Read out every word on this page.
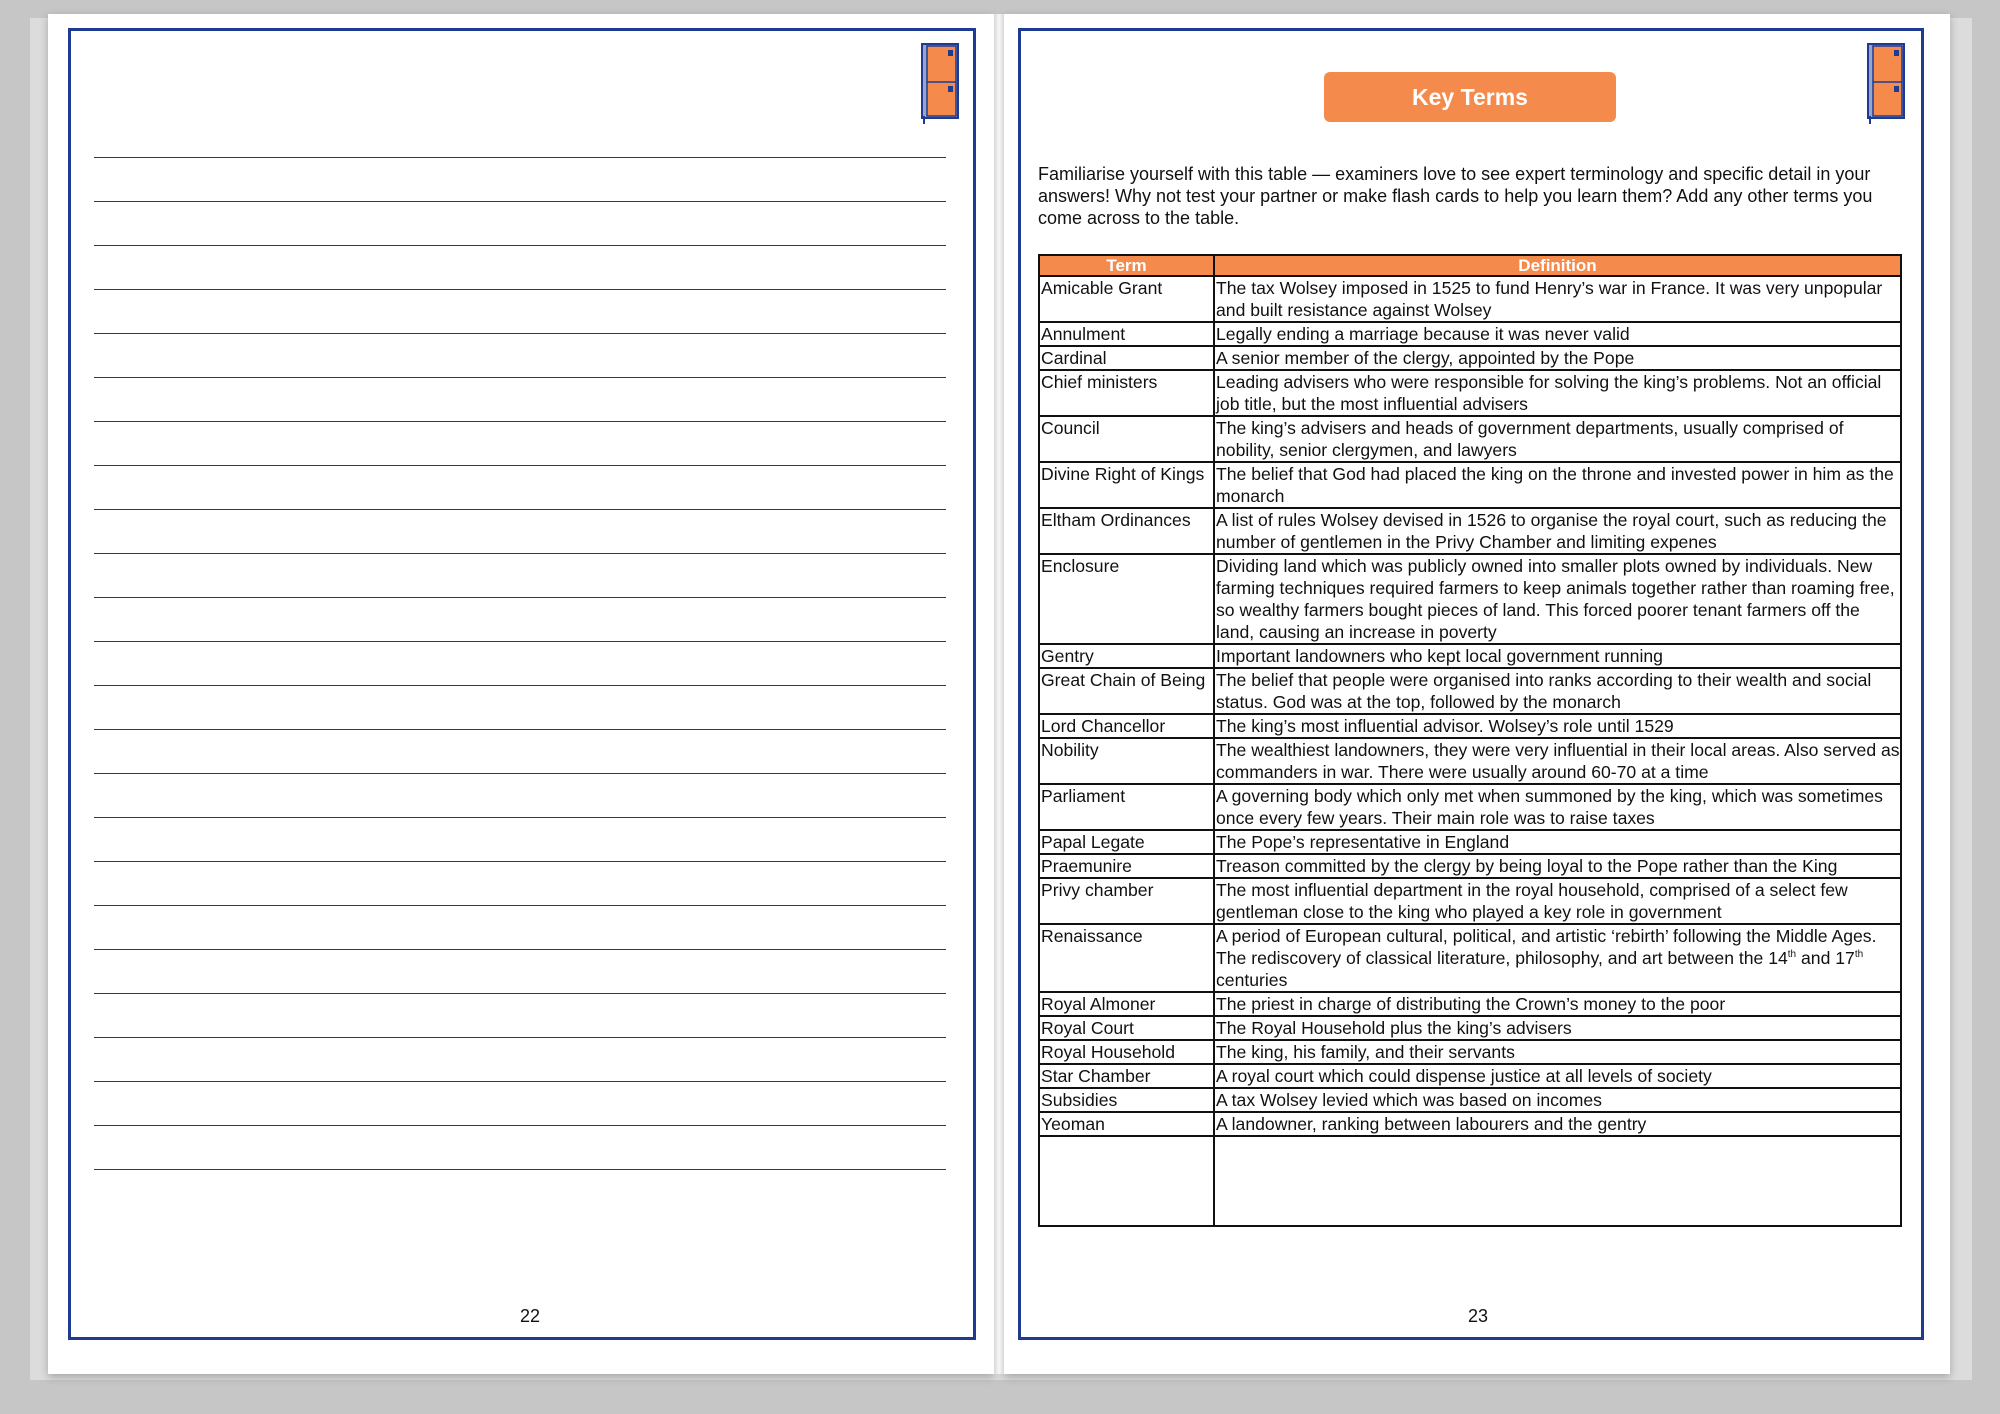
22	23
Key Terms
Familiarise yourself with this table — examiners love to see expert terminology and specific detail in your answers! Why not test your partner or make flash cards to help you learn them? Add any other terms you come across to the table.
Term	Definition
Amicable Grant	The tax Wolsey imposed in 1525 to fund Henry’s war in France. It was very unpopular and built resistance against Wolsey
Annulment	Legally ending a marriage because it was never valid
Cardinal	A senior member of the clergy, appointed by the Pope
Chief ministers	Leading advisers who were responsible for solving the king’s problems. Not an official job title, but the most influential advisers
Council	The king’s advisers and heads of government departments, usually comprised of nobility, senior clergymen, and lawyers
Divine Right of Kings	The belief that God had placed the king on the throne and invested power in him as the monarch
Eltham Ordinances	A list of rules Wolsey devised in 1526 to organise the royal court, such as reducing the number of gentlemen in the Privy Chamber and limiting expenes
Enclosure	Dividing land which was publicly owned into smaller plots owned by individuals. New farming techniques required farmers to keep animals together rather than roaming free, so wealthy farmers bought pieces of land. This forced poorer tenant farmers off the land, causing an increase in poverty
Gentry	Important landowners who kept local government running
Great Chain of Being	The belief that people were organised into ranks according to their wealth and social status. God was at the top, followed by the monarch
Lord Chancellor	The king’s most influential advisor. Wolsey’s role until 1529
Nobility	The wealthiest landowners, they were very influential in their local areas. Also served as commanders in war. There were usually around 60-70 at a time
Parliament	A governing body which only met when summoned by the king, which was sometimes once every few years. Their main role was to raise taxes
Papal Legate	The Pope’s representative in England
Praemunire	Treason committed by the clergy by being loyal to the Pope rather than the King
Privy chamber	The most influential department in the royal household, comprised of a select few gentleman close to the king who played a key role in government
Renaissance	A period of European cultural, political, and artistic ‘rebirth’ following the Middle Ages. The rediscovery of classical literature, philosophy, and art between the 14th and 17th centuries
Royal Almoner	The priest in charge of distributing the Crown’s money to the poor
Royal Court	The Royal Household plus the king’s advisers
Royal Household	The king, his family, and their servants
Star Chamber	A royal court which could dispense justice at all levels of society
Subsidies	A tax Wolsey levied which was based on incomes
Yeoman	A landowner, ranking between labourers and the gentry
